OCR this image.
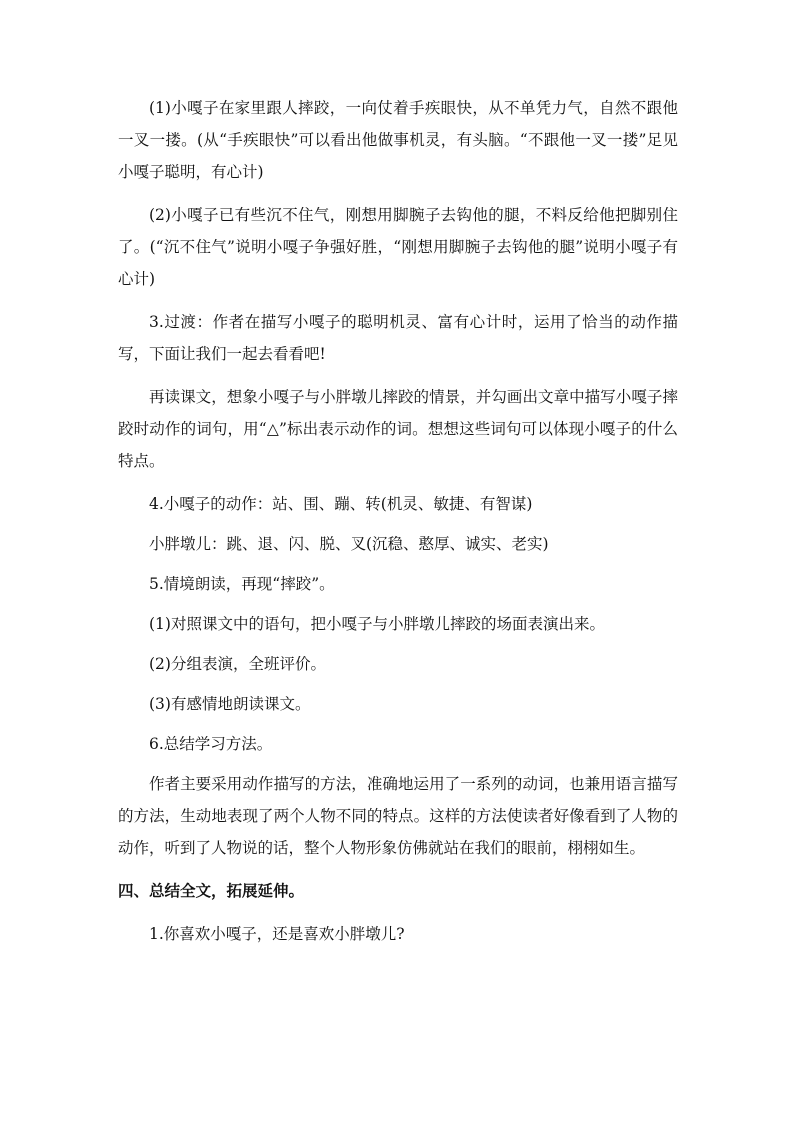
(1)小嘎子在家里跟人摔跤，一向仗着手疾眼快，从不单凭力气，自然不跟他一叉一搂。(从“手疾眼快”可以看出他做事机灵，有头脑。“不跟他一叉一搂”足见小嘎子聪明，有心计)

(2)小嘎子已有些沉不住气，刚想用脚腕子去钩他的腿，不料反给他把脚别住了。(“沉不住气”说明小嘎子争强好胜，“刚想用脚腕子去钩他的腿”说明小嘎子有心计)

3.过渡：作者在描写小嘎子的聪明机灵、富有心计时，运用了恰当的动作描写，下面让我们一起去看看吧!

再读课文，想象小嘎子与小胖墩儿摔跤的情景，并勾画出文章中描写小嘎子摔跤时动作的词句，用“△”标出表示动作的词。想想这些词句可以体现小嘎子的什么特点。

4.小嘎子的动作：站、围、蹦、转(机灵、敏捷、有智谋)

小胖墩儿：跳、退、闪、脱、叉(沉稳、憨厚、诚实、老实)

5.情境朗读，再现“摔跤”。

(1)对照课文中的语句，把小嘎子与小胖墩儿摔跤的场面表演出来。

(2)分组表演，全班评价。

(3)有感情地朗读课文。

6.总结学习方法。

作者主要采用动作描写的方法，准确地运用了一系列的动词，也兼用语言描写的方法，生动地表现了两个人物不同的特点。这样的方法使读者好像看到了人物的动作，听到了人物说的话，整个人物形象仿佛就站在我们的眼前，栩栩如生。

四、总结全文，拓展延伸。

1.你喜欢小嘎子，还是喜欢小胖墩儿?
